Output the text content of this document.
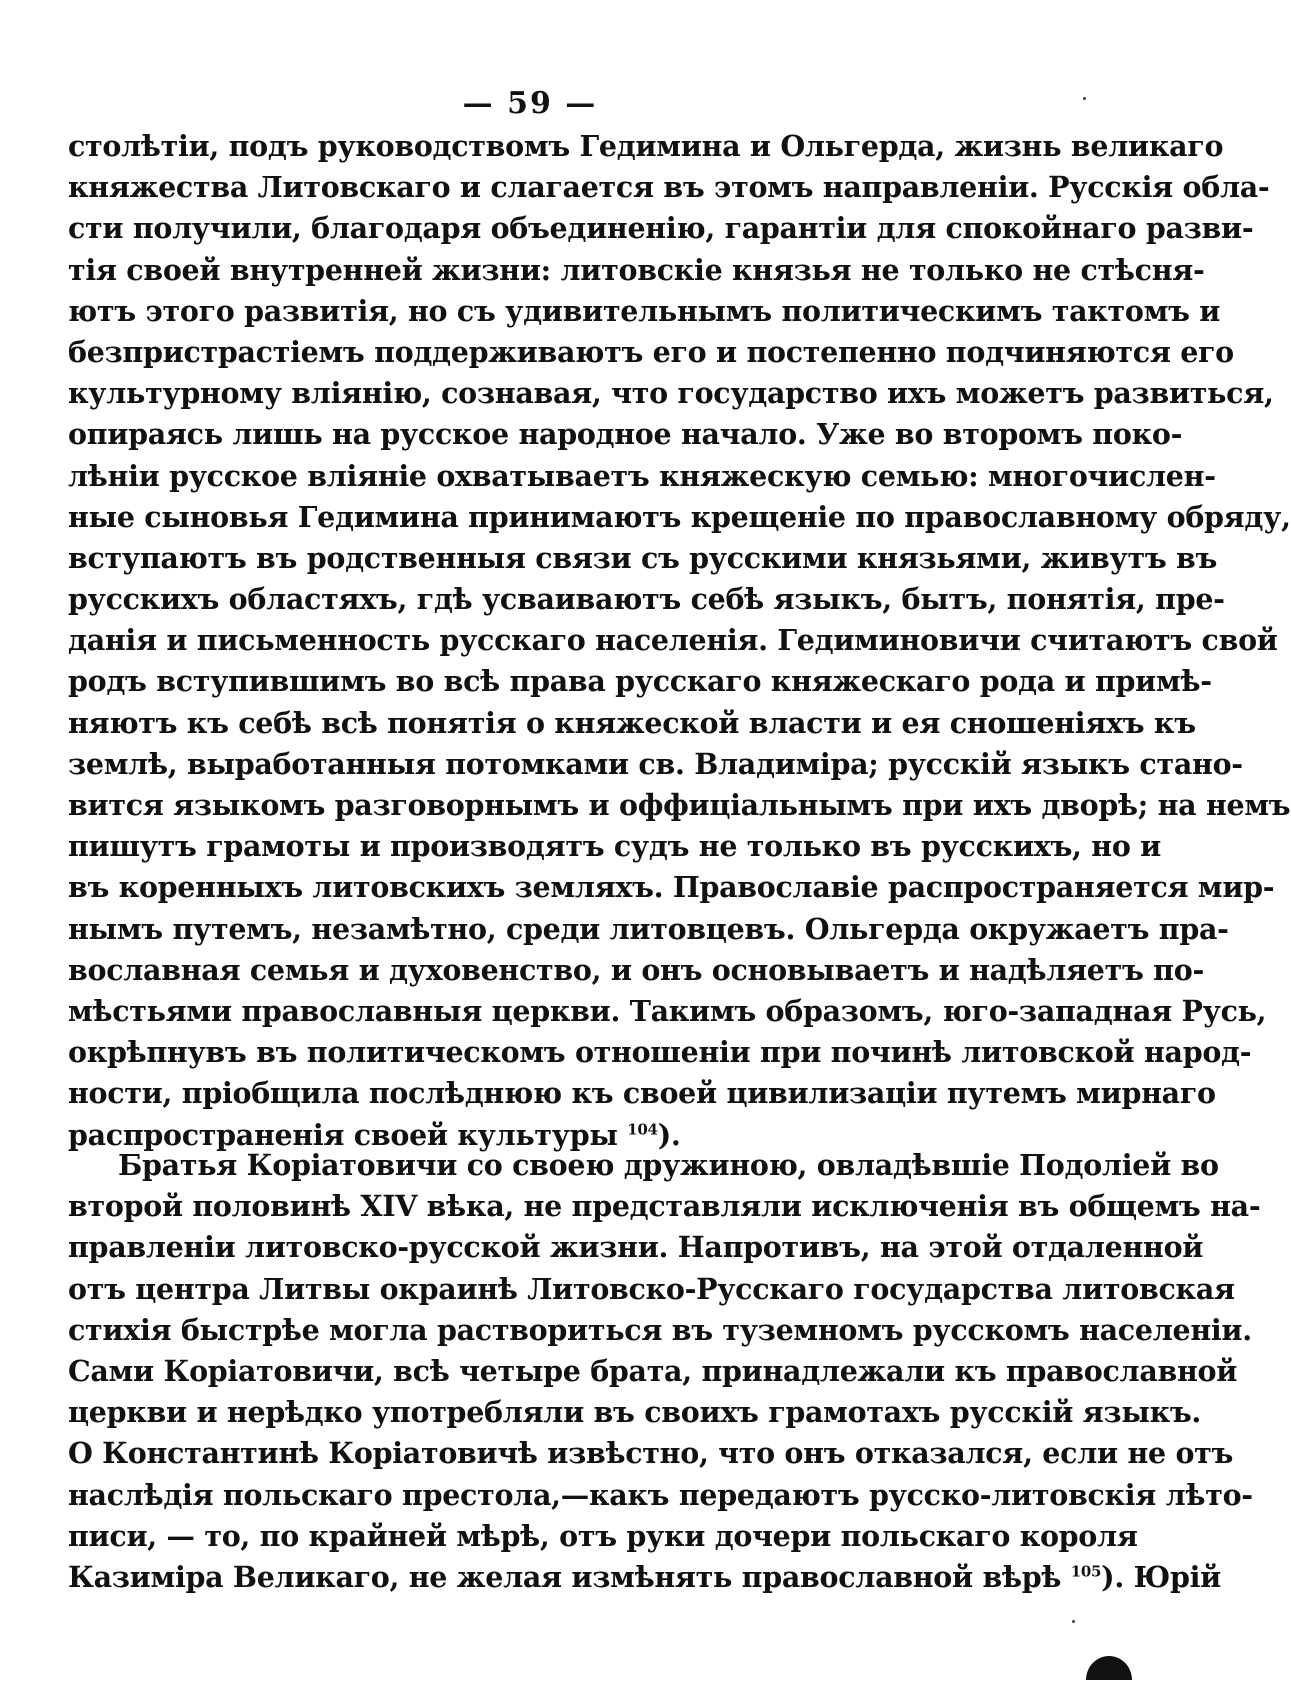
— 59 —
столѣтіи, подъ руководствомъ Гедимина и Ольгерда, жизнь великаго
княжества Литовскаго и слагается въ этомъ направленіи. Русскія обла-
сти получили, благодаря объединенію, гарантіи для спокойнаго разви-
тія своей внутренней жизни: литовскіе князья не только не стѣсня-
ютъ этого развитія, но съ удивительнымъ политическимъ тактомъ и
безпристрастіемъ поддерживаютъ его и постепенно подчиняются его
культурному вліянію, сознавая, что государство ихъ можетъ развиться,
опираясь лишь на русское народное начало. Уже во второмъ поко-
лѣніи русское вліяніе охватываетъ княжескую семью: многочислен-
ные сыновья Гедимина принимаютъ крещеніе по православному обряду,
вступаютъ въ родственныя связи съ русскими князьями, живутъ въ
русскихъ областяхъ, гдѣ усваиваютъ себѣ языкъ, бытъ, понятія, пре-
данія и письменность русскаго населенія. Гедиминовичи считаютъ свой
родъ вступившимъ во всѣ права русскаго княжескаго рода и примѣ-
няютъ къ себѣ всѣ понятія о княжеской власти и ея сношеніяхъ къ
землѣ, выработанныя потомками св. Владиміра; русскій языкъ стано-
вится языкомъ разговорнымъ и оффиціальнымъ при ихъ дворѣ; на немъ
пишутъ грамоты и производятъ судъ не только въ русскихъ, но и
въ коренныхъ литовскихъ земляхъ. Православіе распространяется мир-
нымъ путемъ, незамѣтно, среди литовцевъ. Ольгерда окружаетъ пра-
вославная семья и духовенство, и онъ основываетъ и надѣляетъ по-
мѣстьями православныя церкви. Такимъ образомъ, юго-западная Русь,
окрѣпнувъ въ политическомъ отношеніи при починѣ литовской народ-
ности, пріобщила послѣднюю къ своей цивилизаціи путемъ мирнаго
распространенія своей культуры $^{104}$).
Братья Коріатовичи со своею дружиною, овладѣвшіе Подоліей во
второй половинѣ XIV вѣка, не представляли исключенія въ общемъ на-
правленіи литовско-русской жизни. Напротивъ, на этой отдаленной
отъ центра Литвы окраинѣ Литовско-Русскаго государства литовская
стихія быстрѣе могла раствориться въ туземномъ русскомъ населеніи.
Сами Коріатовичи, всѣ четыре брата, принадлежали къ православной
церкви и нерѣдко употребляли въ своихъ грамотахъ русскій языкъ.
О Константинѣ Коріатовичѣ извѣстно, что онъ отказался, если не отъ
наслѣдія польскаго престола,—какъ передаютъ русско-литовскія лѣто-
писи, — то, по крайней мѣрѣ, отъ руки дочери польскаго короля
Казиміра Великаго, не желая измѣнять православной вѣрѣ $^{105}$). Юрій
